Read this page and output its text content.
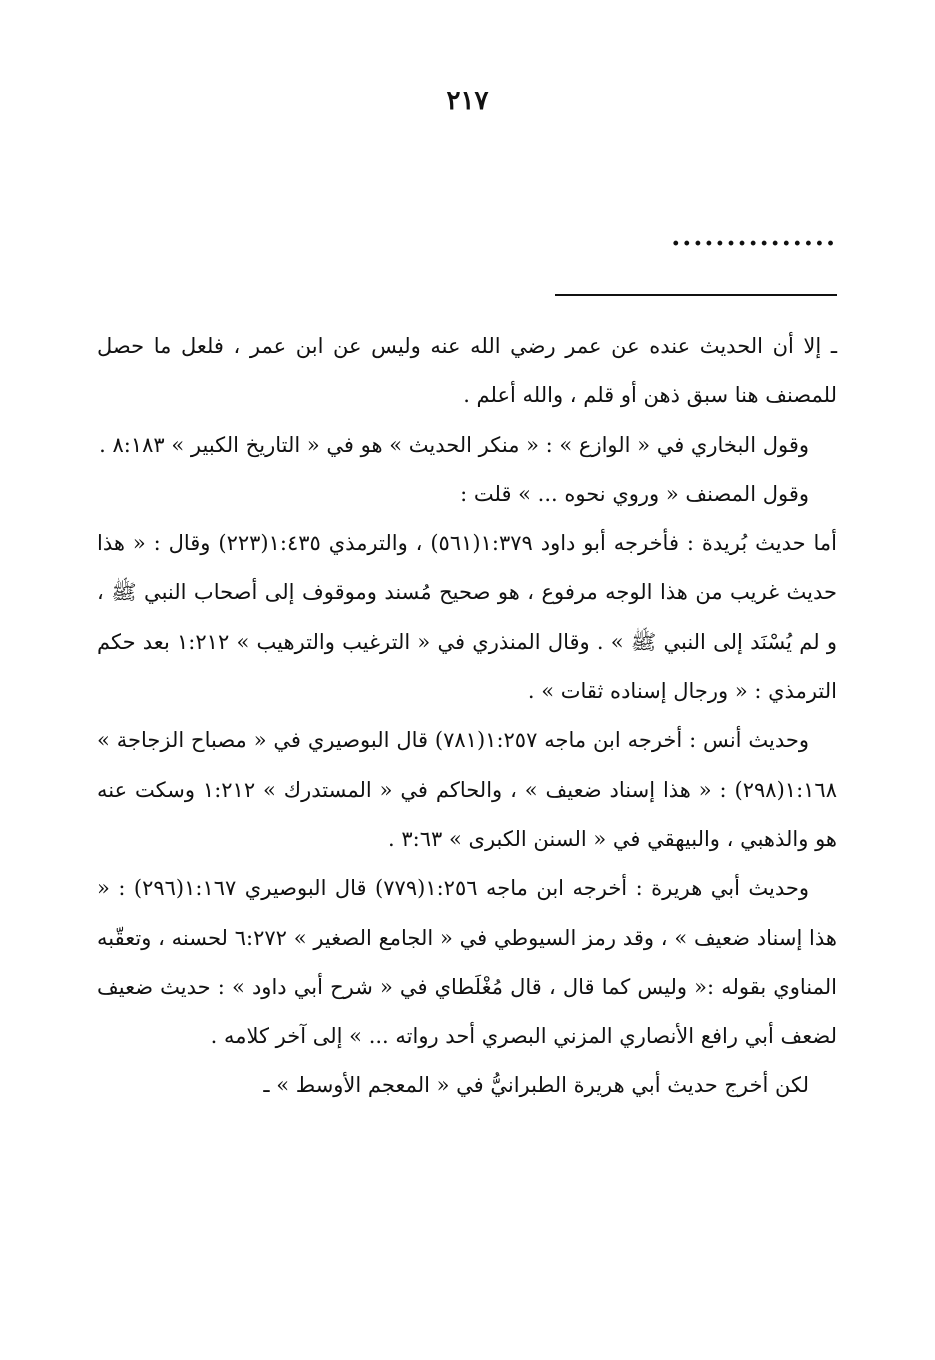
٢١٧
...............

ـ إلا أن الحديث عنده عن عمر رضي الله عنه وليس عن ابن عمر ، فلعل ما حصل للمصنف هنا سبق ذهن أو قلم ، والله أعلم .

وقول البخاري في « الوازع » : « منكر الحديث » هو في « التاريخ الكبير » ٨:١٨٣ .

وقول المصنف « وروي نحوه ... » قلت :

أما حديث بُريدة : فأخرجه أبو داود ١:٣٧٩(٥٦١) ، والترمذي ١:٤٣٥(٢٢٣) وقال : « هذا حديث غريب من هذا الوجه مرفوع ، هو صحيح مُسند وموقوف إلى أصحاب النبي ﷺ ، و لم يُسْنَد إلى النبي ﷺ » . وقال المنذري في « الترغيب والترهيب » ١:٢١٢ بعد حكم الترمذي : « ورجال إسناده ثقات » .

وحديث أنس : أخرجه ابن ماجه ١:٢٥٧(٧٨١) قال البوصيري في « مصباح الزجاجة » ١:١٦٨(٢٩٨) : « هذا إسناد ضعيف » ، والحاكم في « المستدرك » ١:٢١٢ وسكت عنه هو والذهبي ، والبيهقي في « السنن الكبرى » ٣:٦٣ .

وحديث أبي هريرة : أخرجه ابن ماجه ١:٢٥٦(٧٧٩) قال البوصيري ١:١٦٧(٢٩٦) : « هذا إسناد ضعيف » ، وقد رمز السيوطي في « الجامع الصغير » ٦:٢٧٢ لحسنه ، وتعقّبه المناوي بقوله :« وليس كما قال ، قال مُغْلَطاي في « شرح أبي داود » : حديث ضعيف لضعف أبي رافع الأنصاري المزني البصري أحد رواته ... » إلى آخر كلامه .

لكن أخرج حديث أبي هريرة الطبرانيُّ في « المعجم الأوسط » ـ
